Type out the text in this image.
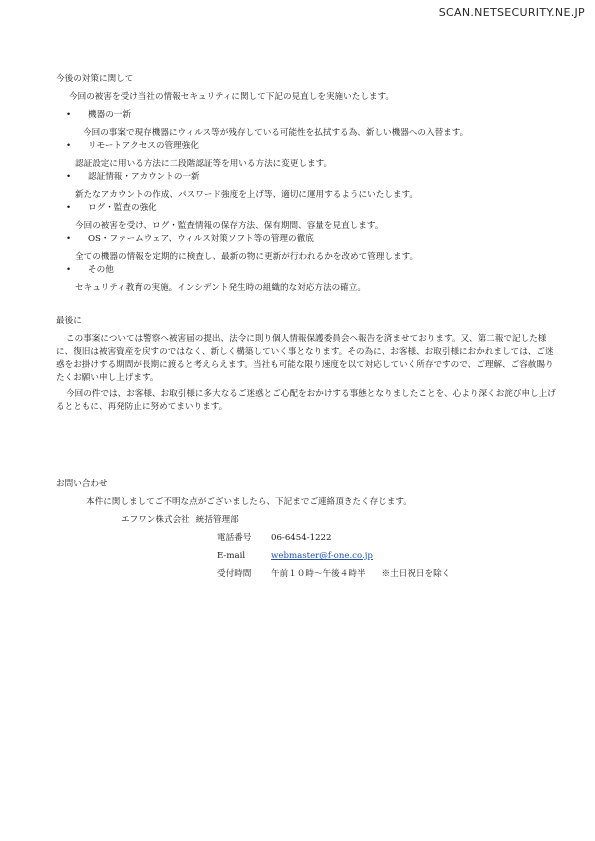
SCAN.NETSECURITY.NE.JP

今後の対策に関して

今回の被害を受け当社の情報セキュリティに関して下記の見直しを実施いたします。

• 機器の一新
今回の事案で現存機器にウィルス等が残存している可能性を払拭する為、新しい機器への入替ます。
• リモートアクセスの管理強化
認証設定に用いる方法に二段階認証等を用いる方法に変更します。
• 認証情報・アカウントの一新
新たなアカウントの作成、パスワード強度を上げ等、適切に運用するようにいたします。
• ログ・監査の強化
今回の被害を受け、ログ・監査情報の保存方法、保有期間、容量を見直します。
• OS・ファームウェア、ウィルス対策ソフト等の管理の徹底
全ての機器の情報を定期的に検査し、最新の物に更新が行われるかを改めて管理します。
• その他
セキュリティ教育の実施。インシデント発生時の組織的な対応方法の確立。
最後に

この事案については警察へ被害届の提出、法令に則り個人情報保護委員会へ報告を済ませております。又、第二報で記した様に、復旧は被害資産を戻すのではなく、新しく構築していく事となります。その為に、お客様、お取引様におかれましては、ご迷惑をお掛けする期間が長期に渡ると考えらえます。当社も可能な限り速度を以て対応していく所存ですので、ご理解、ご容赦賜りたくお願い申し上げます。

今回の件では、お客様、お取引様に多大なるご迷惑とご心配をおかけする事態となりましたことを、心より深くお詫び申し上げるとともに、再発防止に努めてまいります。

お問い合わせ

本件に関しましてご不明な点がございましたら、下記までご連絡頂きたく存じます。

エフワン株式会社 統括管理部

電話番号 06-6454-1222
E-mail	webmaster@f-one.co.jp
受付時間 午前１０時～午後４時半 ※土日祝日を除く
